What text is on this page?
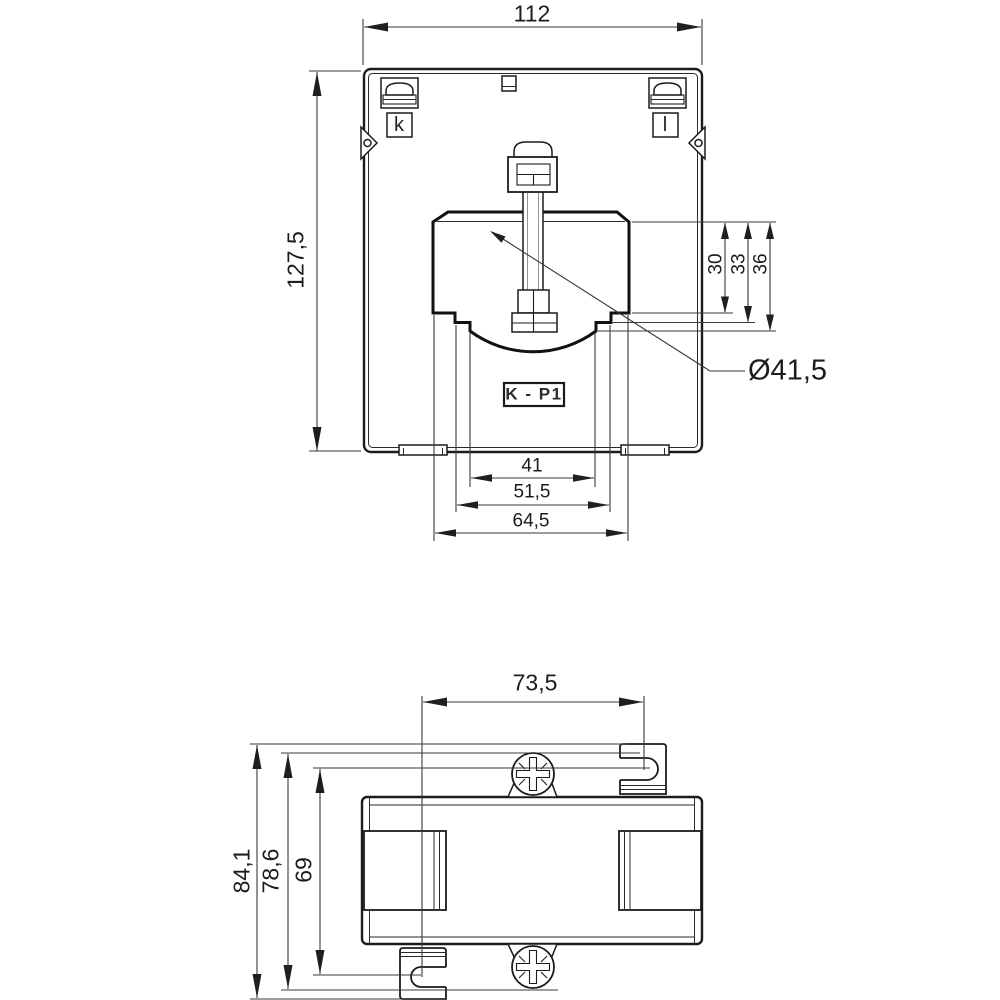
112
127,5	30 33 36
Ø41,5
k	l
K - P1
41
51,5
64,5
73,5
84,1 78,6 69
